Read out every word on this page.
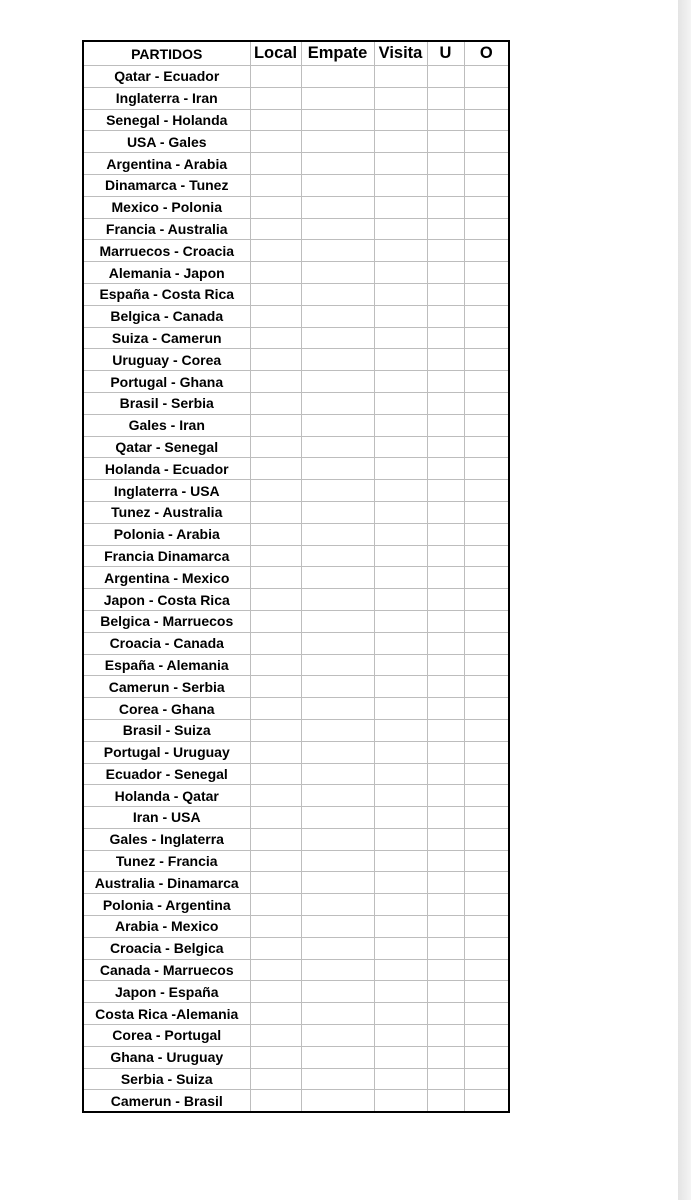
PARTIDOS	Local	Empate	Visita	U	O
Qatar - Ecuador					
Inglaterra - Iran					
Senegal - Holanda					
USA - Gales					
Argentina - Arabia					
Dinamarca - Tunez					
Mexico - Polonia					
Francia - Australia					
Marruecos - Croacia					
Alemania - Japon					
España - Costa Rica					
Belgica - Canada					
Suiza - Camerun					
Uruguay - Corea					
Portugal - Ghana					
Brasil - Serbia					
Gales - Iran					
Qatar - Senegal					
Holanda - Ecuador					
Inglaterra - USA					
Tunez - Australia					
Polonia - Arabia					
Francia Dinamarca					
Argentina - Mexico					
Japon - Costa Rica					
Belgica - Marruecos					
Croacia - Canada					
España - Alemania					
Camerun - Serbia					
Corea - Ghana					
Brasil - Suiza					
Portugal - Uruguay					
Ecuador - Senegal					
Holanda - Qatar					
Iran - USA					
Gales - Inglaterra					
Tunez - Francia					
Australia - Dinamarca					
Polonia - Argentina					
Arabia - Mexico					
Croacia - Belgica					
Canada - Marruecos					
Japon - España					
Costa Rica -Alemania					
Corea - Portugal					
Ghana - Uruguay					
Serbia - Suiza					
Camerun - Brasil					
